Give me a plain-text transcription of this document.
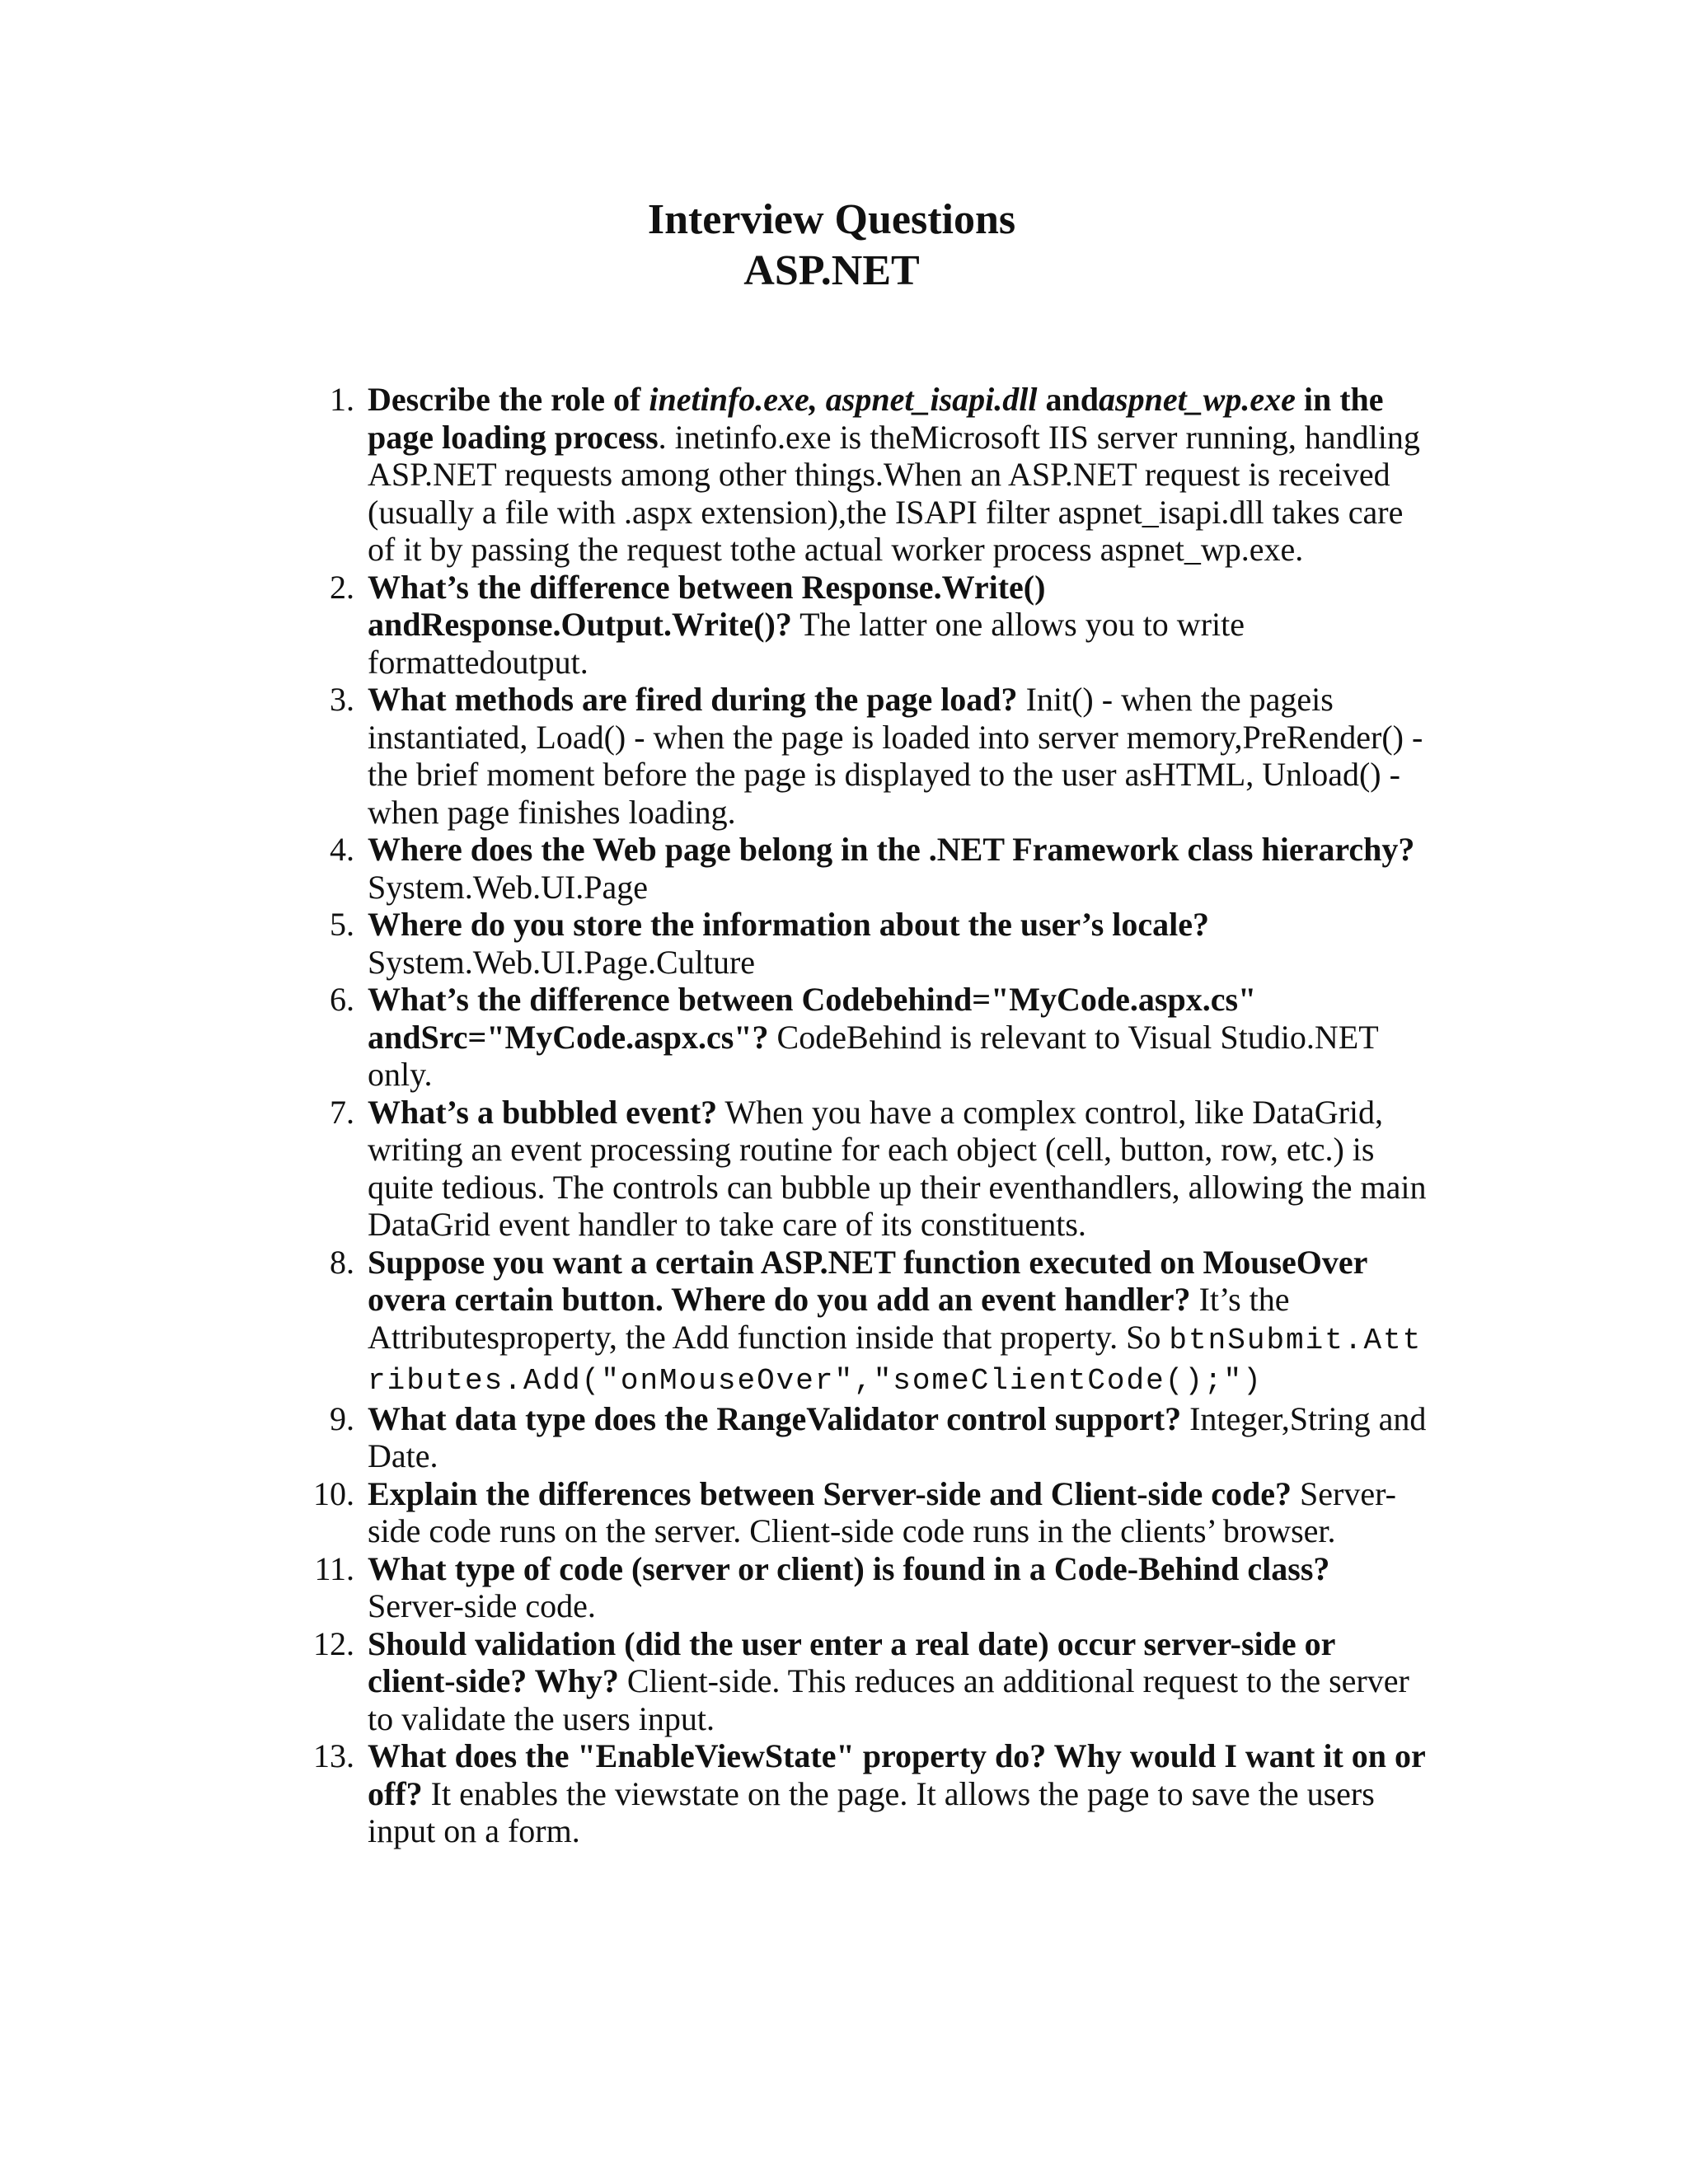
Interview Questions
ASP.NET
1. Describe the role of inetinfo.exe, aspnet_isapi.dll andaspnet_wp.exe in the page loading process. inetinfo.exe is theMicrosoft IIS server running, handling ASP.NET requests among other things.When an ASP.NET request is received (usually a file with .aspx extension),the ISAPI filter aspnet_isapi.dll takes care of it by passing the request tothe actual worker process aspnet_wp.exe.
2. What’s the difference between Response.Write() andResponse.Output.Write()? The latter one allows you to write formattedoutput.
3. What methods are fired during the page load? Init() - when the pageis instantiated, Load() - when the page is loaded into server memory,PreRender() - the brief moment before the page is displayed to the user asHTML, Unload() - when page finishes loading.
4. Where does the Web page belong in the .NET Framework class hierarchy?System.Web.UI.Page
5. Where do you store the information about the user’s locale? System.Web.UI.Page.Culture
6. What’s the difference between Codebehind="MyCode.aspx.cs" andSrc="MyCode.aspx.cs"? CodeBehind is relevant to Visual Studio.NET only.
7. What’s a bubbled event? When you have a complex control, like DataGrid, writing an event processing routine for each object (cell, button, row, etc.) is quite tedious. The controls can bubble up their eventhandlers, allowing the main DataGrid event handler to take care of its constituents.
8. Suppose you want a certain ASP.NET function executed on MouseOver overa certain button. Where do you add an event handler? It’s the Attributesproperty, the Add function inside that property. So btnSubmit.Attributes.Add("onMouseOver","someClientCode();")
9. What data type does the RangeValidator control support? Integer,String and Date.
10. Explain the differences between Server-side and Client-side code? Server-side code runs on the server. Client-side code runs in the clients’ browser.
11. What type of code (server or client) is found in a Code-Behind class? Server-side code.
12. Should validation (did the user enter a real date) occur server-side or client-side? Why? Client-side. This reduces an additional request to the server to validate the users input.
13. What does the "EnableViewState" property do? Why would I want it on or off? It enables the viewstate on the page. It allows the page to save the users input on a form.
